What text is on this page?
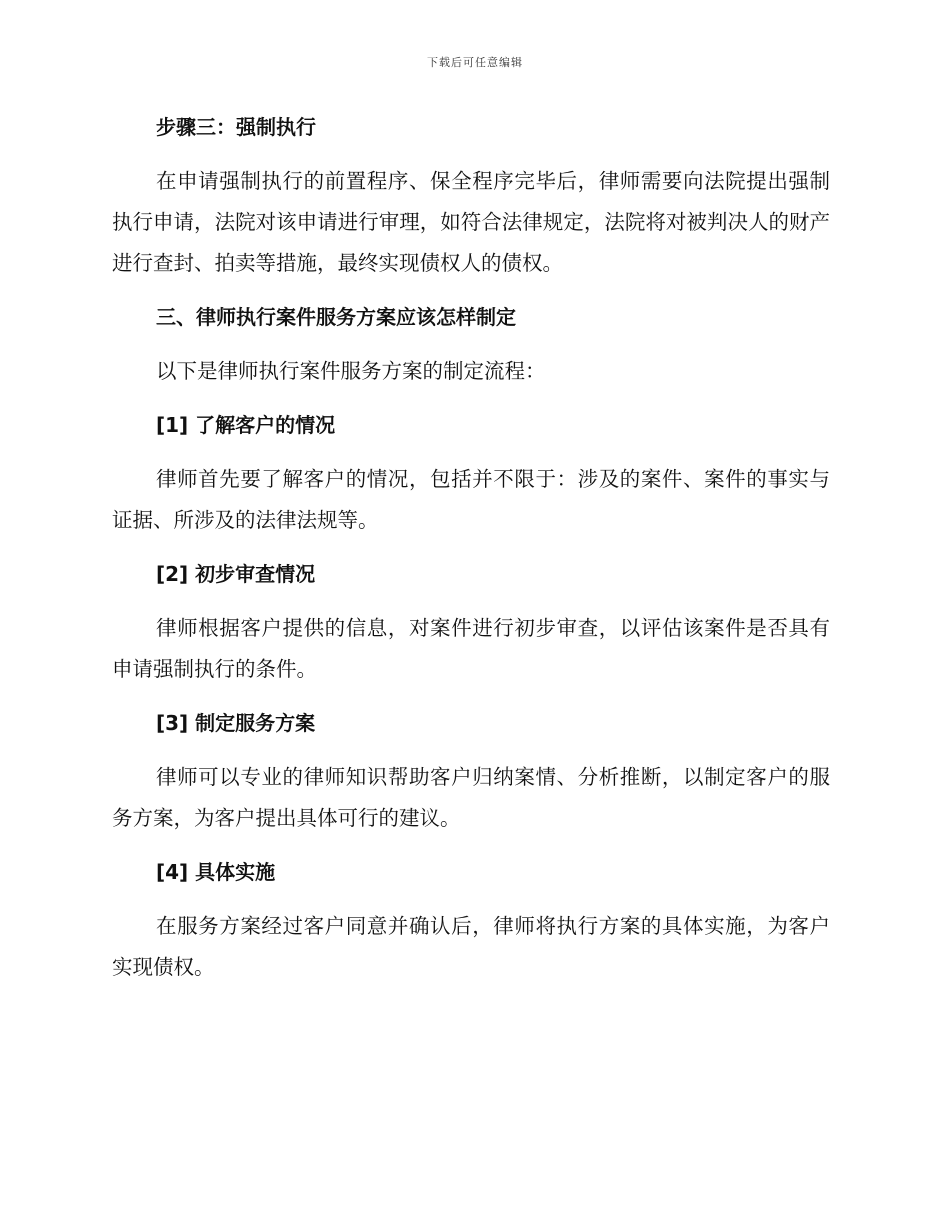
下载后可任意编辑
步骤三：强制执行
在申请强制执行的前置程序、保全程序完毕后，律师需要向法院提出强制执行申请，法院对该申请进行审理，如符合法律规定，法院将对被判决人的财产进行查封、拍卖等措施，最终实现债权人的债权。
三、律师执行案件服务方案应该怎样制定
以下是律师执行案件服务方案的制定流程：
[1] 了解客户的情况
律师首先要了解客户的情况，包括并不限于：涉及的案件、案件的事实与证据、所涉及的法律法规等。
[2] 初步审查情况
律师根据客户提供的信息，对案件进行初步审查，以评估该案件是否具有申请强制执行的条件。
[3] 制定服务方案
律师可以专业的律师知识帮助客户归纳案情、分析推断，以制定客户的服务方案，为客户提出具体可行的建议。
[4] 具体实施
在服务方案经过客户同意并确认后，律师将执行方案的具体实施，为客户实现债权。
